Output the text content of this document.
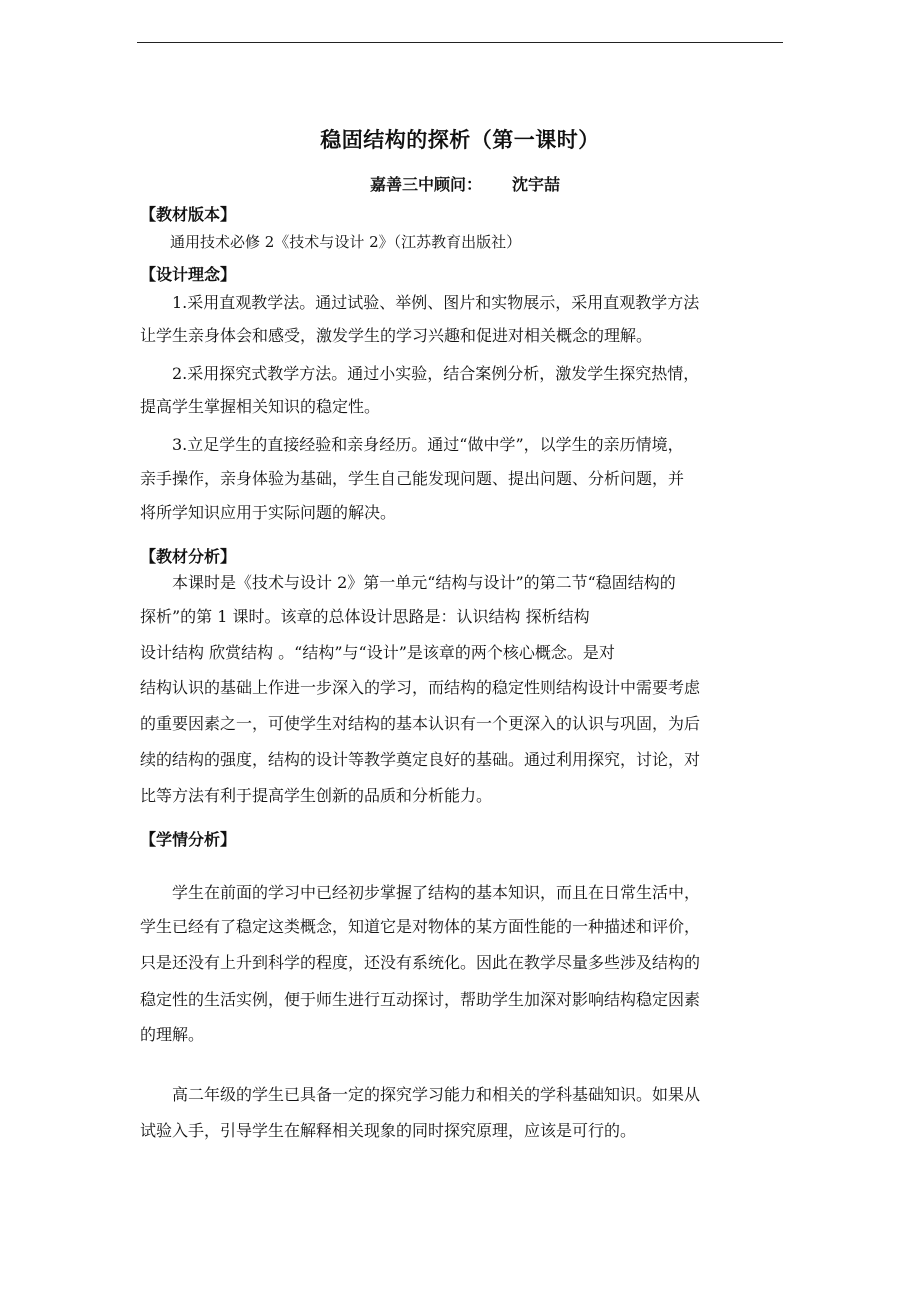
稳固结构的探析（第一课时）
嘉善三中顾问： 沈宇喆
【教材版本】
通用技术必修 2《技术与设计 2》（江苏教育出版社）
【设计理念】
1.采用直观教学法。通过试验、举例、图片和实物展示，采用直观教学方法
让学生亲身体会和感受，激发学生的学习兴趣和促进对相关概念的理解。
2.采用探究式教学方法。通过小实验，结合案例分析，激发学生探究热情，
提高学生掌握相关知识的稳定性。
3.立足学生的直接经验和亲身经历。通过“做中学”，以学生的亲历情境，
亲手操作，亲身体验为基础，学生自己能发现问题、提出问题、分析问题，并
将所学知识应用于实际问题的解决。
【教材分析】
本课时是《技术与设计 2》第一单元“结构与设计”的第二节“稳固结构的
探析”的第 1 课时。该章的总体设计思路是：认识结构 探析结构
设计结构 欣赏结构 。“结构”与“设计”是该章的两个核心概念。是对
结构认识的基础上作进一步深入的学习，而结构的稳定性则结构设计中需要考虑
的重要因素之一，可使学生对结构的基本认识有一个更深入的认识与巩固，为后
续的结构的强度，结构的设计等教学奠定良好的基础。通过利用探究，讨论，对
比等方法有利于提高学生创新的品质和分析能力。
【学情分析】
学生在前面的学习中已经初步掌握了结构的基本知识，而且在日常生活中，
学生已经有了稳定这类概念，知道它是对物体的某方面性能的一种描述和评价，
只是还没有上升到科学的程度，还没有系统化。因此在教学尽量多些涉及结构的
稳定性的生活实例，便于师生进行互动探讨，帮助学生加深对影响结构稳定因素
的理解。
高二年级的学生已具备一定的探究学习能力和相关的学科基础知识。如果从
试验入手，引导学生在解释相关现象的同时探究原理，应该是可行的。
